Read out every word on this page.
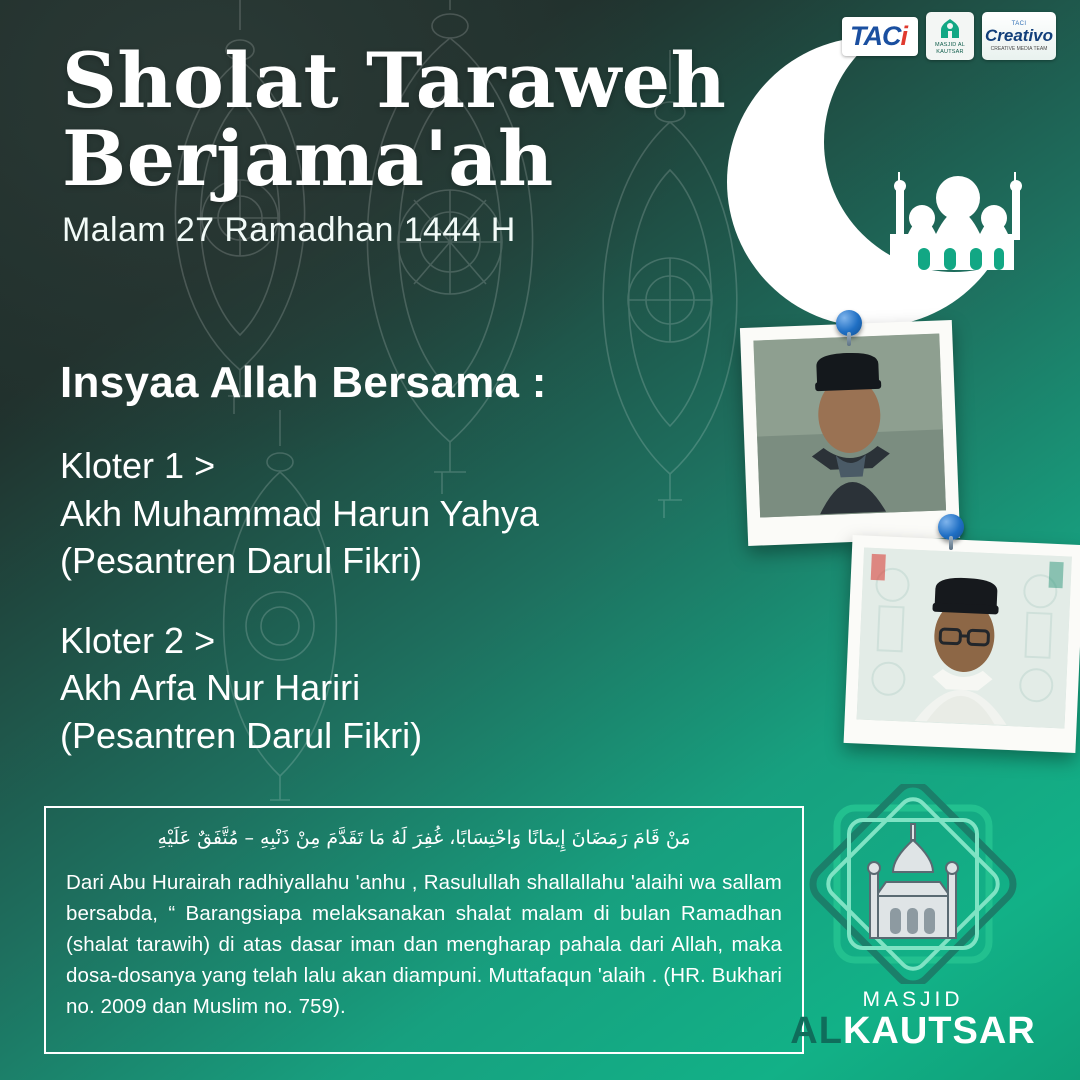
TAC i	MASJID AL KAUTSAR
TACI
Creativo
CREATIVE MEDIA TEAM
Sholat Taraweh
Berjama'ah
Malam 27 Ramadhan 1444 H
Insyaa Allah Bersama :
Kloter 1 >
Akh Muhammad Harun Yahya
(Pesantren Darul Fikri)
Kloter 2 >
Akh Arfa Nur Hariri
(Pesantren Darul Fikri)
مَنْ قَامَ رَمَضَانَ إِيمَانًا وَاحْتِسَابًا، غُفِرَ لَهُ مَا تَقَدَّمَ مِنْ ذَنْبِهِ – مُتَّفَقٌ عَلَيْهِ
Dari Abu Hurairah radhiyallahu 'anhu , Rasulullah shallallahu 'alaihi wa sallam bersabda, “ Barangsiapa melaksanakan shalat malam di bulan Ramadhan (shalat tarawih) di atas dasar iman dan mengharap pahala dari Allah, maka dosa-dosanya yang telah lalu akan diampuni. Muttafaqun 'alaih . (HR. Bukhari no. 2009 dan Muslim no. 759).	MASJID
ALKAUTSAR
